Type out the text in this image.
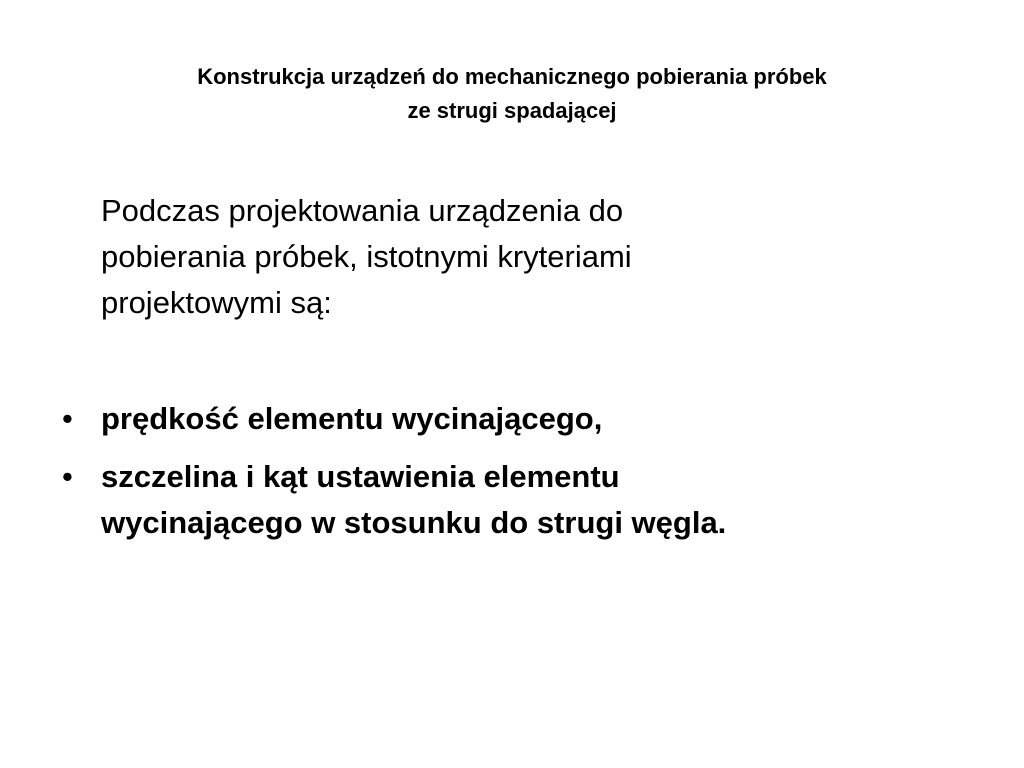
Konstrukcja urządzeń do mechanicznego pobierania próbek
ze strugi spadającej
Podczas projektowania urządzenia do
pobierania próbek, istotnymi kryteriami
projektowymi są:
• prędkość elementu wycinającego,
• szczelina i kąt ustawienia elementu
wycinającego w stosunku do strugi węgla.
